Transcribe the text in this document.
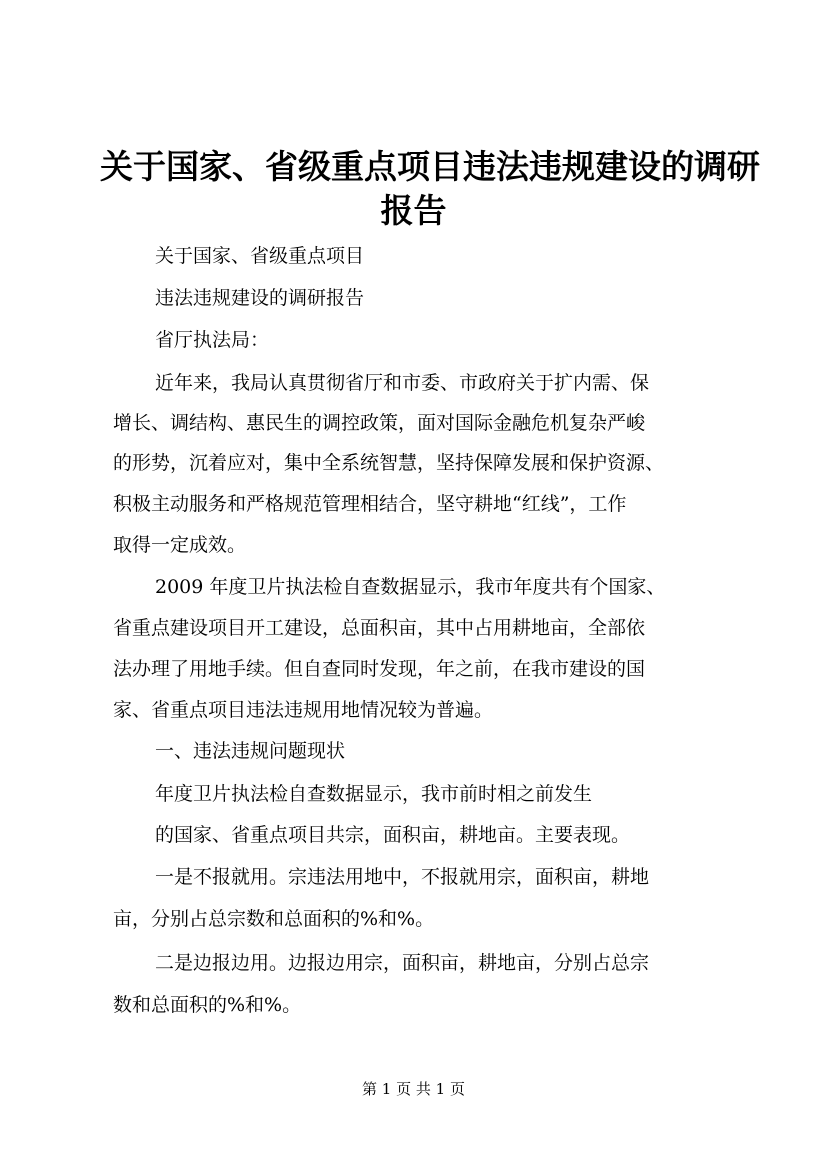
关于国家、省级重点项目违法违规建设的调研
报告
关于国家、省级重点项目
违法违规建设的调研报告
省厅执法局：
近年来，我局认真贯彻省厅和市委、市政府关于扩内需、保
增长、调结构、惠民生的调控政策，面对国际金融危机复杂严峻
的形势，沉着应对，集中全系统智慧，坚持保障发展和保护资源、
积极主动服务和严格规范管理相结合，坚守耕地“红线”，工作
取得一定成效。
2009 年度卫片执法检自查数据显示，我市年度共有个国家、
省重点建设项目开工建设，总面积亩，其中占用耕地亩，全部依
法办理了用地手续。但自查同时发现，年之前，在我市建设的国
家、省重点项目违法违规用地情况较为普遍。
一、违法违规问题现状
年度卫片执法检自查数据显示，我市前时相之前发生
的国家、省重点项目共宗，面积亩，耕地亩。主要表现。
一是不报就用。宗违法用地中，不报就用宗，面积亩，耕地
亩，分别占总宗数和总面积的%和%。
二是边报边用。边报边用宗，面积亩，耕地亩，分别占总宗
数和总面积的%和%。
第 1 页 共 1 页
